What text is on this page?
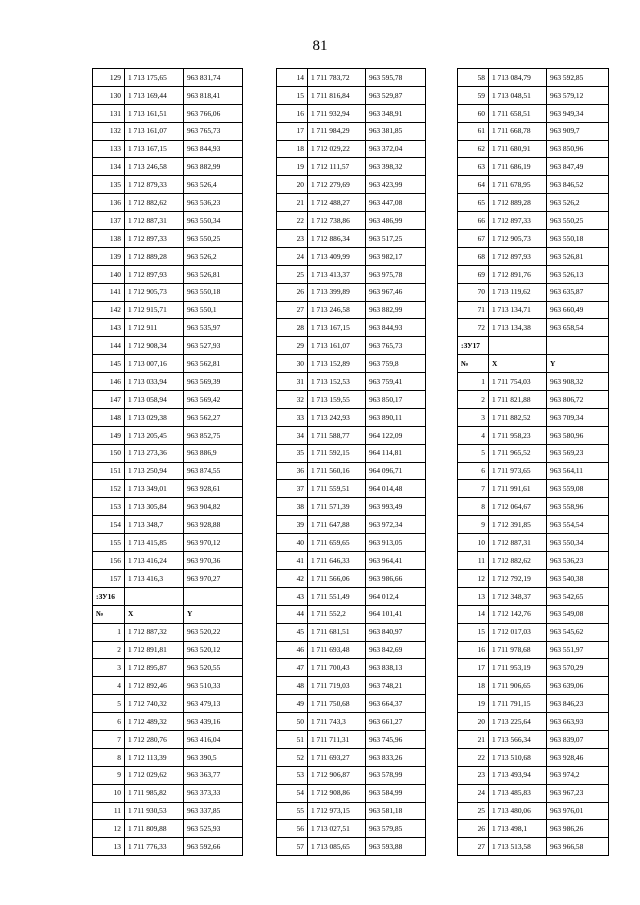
81
129	1 713 175,65	963 831,74
130	1 713 169,44	963 818,41
131	1 713 161,51	963 766,06
132	1 713 161,07	963 765,73
133	1 713 167,15	963 844,93
134	1 713 246,58	963 882,99
135	1 712 879,33	963 526,4
136	1 712 882,62	963 536,23
137	1 712 887,31	963 550,34
138	1 712 897,33	963 550,25
139	1 712 889,28	963 526,2
140	1 712 897,93	963 526,81
141	1 712 905,73	963 550,18
142	1 712 915,71	963 550,1
143	1 712 911	963 535,97
144	1 712 908,34	963 527,93
145	1 713 007,16	963 562,81
146	1 713 033,94	963 569,39
147	1 713 058,94	963 569,42
148	1 713 029,38	963 562,27
149	1 713 205,45	963 852,75
150	1 713 273,36	963 886,9
151	1 713 250,94	963 874,55
152	1 713 349,01	963 928,61
153	1 713 305,84	963 904,82
154	1 713 348,7	963 928,88
155	1 713 415,85	963 970,12
156	1 713 416,24	963 970,36
157	1 713 416,3	963 970,27
:ЗУ16		
№	X	Y
1	1 712 887,32	963 520,22
2	1 712 891,81	963 520,12
3	1 712 895,87	963 520,55
4	1 712 892,46	963 510,33
5	1 712 740,32	963 479,13
6	1 712 489,32	963 439,16
7	1 712 280,76	963 416,04
8	1 712 113,39	963 390,5
9	1 712 029,62	963 363,77
10	1 711 985,82	963 373,33
11	1 711 930,53	963 337,85
12	1 711 809,88	963 525,93
13	1 711 776,33	963 592,66
14	1 711 783,72	963 595,78
15	1 711 816,84	963 529,87
16	1 711 932,94	963 348,91
17	1 711 984,29	963 381,85
18	1 712 029,22	963 372,04
19	1 712 111,57	963 398,32
20	1 712 279,69	963 423,99
21	1 712 488,27	963 447,08
22	1 712 738,86	963 486,99
23	1 712 886,34	963 517,25
24	1 713 409,99	963 982,17
25	1 713 413,37	963 975,78
26	1 713 399,89	963 967,46
27	1 713 246,58	963 882,99
28	1 713 167,15	963 844,93
29	1 713 161,07	963 765,73
30	1 713 152,89	963 759,8
31	1 713 152,53	963 759,41
32	1 713 159,55	963 850,17
33	1 713 242,93	963 890,11
34	1 711 588,77	964 122,09
35	1 711 592,15	964 114,81
36	1 711 560,16	964 096,71
37	1 711 559,51	964 014,48
38	1 711 571,39	963 993,49
39	1 711 647,88	963 972,34
40	1 711 659,65	963 913,05
41	1 711 646,33	963 964,41
42	1 711 566,06	963 986,66
43	1 711 551,49	964 012,4
44	1 711 552,2	964 101,41
45	1 711 681,51	963 840,97
46	1 711 693,48	963 842,69
47	1 711 700,43	963 838,13
48	1 711 719,03	963 748,21
49	1 711 750,68	963 664,37
50	1 711 743,3	963 661,27
51	1 711 711,31	963 745,96
52	1 711 693,27	963 833,26
53	1 712 906,87	963 578,99
54	1 712 908,86	963 584,99
55	1 712 973,15	963 581,18
56	1 713 027,51	963 579,85
57	1 713 085,65	963 593,88
58	1 713 084,79	963 592,85
59	1 713 048,51	963 579,12
60	1 711 658,51	963 949,34
61	1 711 668,78	963 909,7
62	1 711 680,91	963 850,96
63	1 711 686,19	963 847,49
64	1 711 678,95	963 846,52
65	1 712 889,28	963 526,2
66	1 712 897,33	963 550,25
67	1 712 905,73	963 550,18
68	1 712 897,93	963 526,81
69	1 712 891,76	963 526,13
70	1 713 119,62	963 635,87
71	1 713 134,71	963 660,49
72	1 713 134,38	963 658,54
:ЗУ17		
№	X	Y
1	1 711 754,03	963 908,32
2	1 711 821,88	963 806,72
3	1 711 882,52	963 709,34
4	1 711 958,23	963 580,96
5	1 711 965,52	963 569,23
6	1 711 973,65	963 564,11
7	1 711 991,61	963 559,08
8	1 712 064,67	963 558,96
9	1 712 391,85	963 554,54
10	1 712 887,31	963 550,34
11	1 712 882,62	963 536,23
12	1 712 792,19	963 540,38
13	1 712 348,37	963 542,65
14	1 712 142,76	963 549,08
15	1 712 017,03	963 545,62
16	1 711 978,68	963 551,97
17	1 711 953,19	963 570,29
18	1 711 906,65	963 639,06
19	1 711 791,15	963 846,23
20	1 713 225,64	963 663,93
21	1 713 566,34	963 839,07
22	1 713 510,68	963 928,46
23	1 713 493,94	963 974,2
24	1 713 485,83	963 967,23
25	1 713 480,06	963 976,01
26	1 713 498,1	963 986,26
27	1 713 513,58	963 966,58
